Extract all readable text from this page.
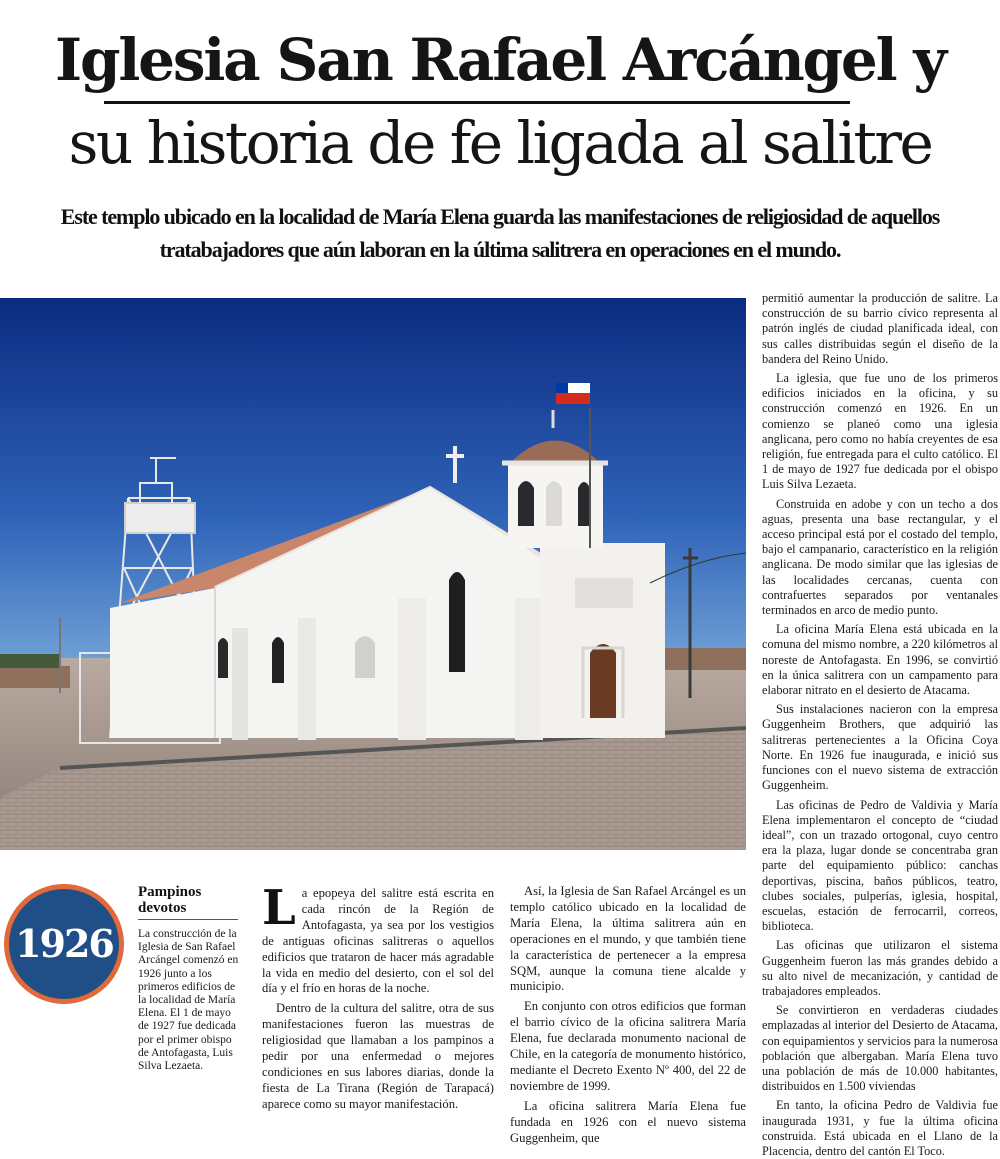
Iglesia San Rafael Arcángel y
su historia de fe ligada al salitre

Este templo ubicado en la localidad de María Elena guarda las manifestaciones de religiosidad de aquellos tratabajadores que aún laboran en la última salitrera en operaciones en el mundo.

1926
Pampinos devotos
La construcción de la Iglesia de San Rafael Arcángel comenzó en 1926 junto a los primeros edificios de la localidad de María Elena. El 1 de mayo de 1927 fue dedicada por el primer obispo de Antofagasta, Luis Silva Lezaeta.

La epopeya del salitre está escrita en cada rincón de la Región de Antofagasta, ya sea por los vestigios de antiguas oficinas salitreras o aquellos edificios que trataron de hacer más agradable la vida en medio del desierto, con el sol del día y el frío en horas de la noche.

Dentro de la cultura del salitre, otra de sus manifestaciones fueron las muestras de religiosidad que llamaban a los pampinos a pedir por una enfermedad o mejores condiciones en sus labores diarias, donde la fiesta de La Tirana (Región de Tarapacá) aparece como su mayor manifestación.

Así, la Iglesia de San Rafael Arcángel es un templo católico ubicado en la localidad de María Elena, la última salitrera aún en operaciones en el mundo, y que también tiene la característica de pertenecer a la empresa SQM, aunque la comuna tiene alcalde y municipio.

En conjunto con otros edificios que forman el barrio cívico de la oficina salitrera María Elena, fue declarada monumento nacional de Chile, en la categoría de monumento histórico, mediante el Decreto Exento Nº 400, del 22 de noviembre de 1999.

La oficina salitrera María Elena fue fundada en 1926 con el nuevo sistema Guggenheim, que

permitió aumentar la producción de salitre. La construcción de su barrio cívico representa al patrón inglés de ciudad planificada ideal, con sus calles distribuidas según el diseño de la bandera del Reino Unido.

La iglesia, que fue uno de los primeros edificios iniciados en la oficina, y su construcción comenzó en 1926. En un comienzo se planeó como una iglesia anglicana, pero como no había creyentes de esa religión, fue entregada para el culto católico. El 1 de mayo de 1927 fue dedicada por el obispo Luis Silva Lezaeta.

Construida en adobe y con un techo a dos aguas, presenta una base rectangular, y el acceso principal está por el costado del templo, bajo el campanario, característico en la religión anglicana. De modo similar que las iglesias de las localidades cercanas, cuenta con contrafuertes separados por ventanales terminados en arco de medio punto.

La oficina María Elena está ubicada en la comuna del mismo nombre, a 220 kilómetros al noreste de Antofagasta. En 1996, se convirtió en la única salitrera con un campamento para elaborar nitrato en el desierto de Atacama.

Sus instalaciones nacieron con la empresa Guggenheim Brothers, que adquirió las salitreras pertenecientes a la Oficina Coya Norte. En 1926 fue inaugurada, e inició sus funciones con el nuevo sistema de extracción Guggenheim.

Las oficinas de Pedro de Valdivia y María Elena implementaron el concepto de “ciudad ideal”, con un trazado ortogonal, cuyo centro era la plaza, lugar donde se concentraba gran parte del equipamiento público: canchas deportivas, piscina, baños públicos, teatro, clubes sociales, pulperías, iglesia, hospital, escuelas, estación de ferrocarril, correos, biblioteca.

Las oficinas que utilizaron el sistema Guggenheim fueron las más grandes debido a su alto nivel de mecanización, y cantidad de trabajadores empleados.

Se convirtieron en verdaderas ciudades emplazadas al interior del Desierto de Atacama, con equipamientos y servicios para la numerosa población que albergaban. María Elena tuvo una población de más de 10.000 habitantes, distribuidos en 1.500 viviendas

En tanto, la oficina Pedro de Valdivia fue inaugurada 1931, y fue la última oficina construida. Está ubicada en el Llano de la Placencia, dentro del cantón El Toco.
